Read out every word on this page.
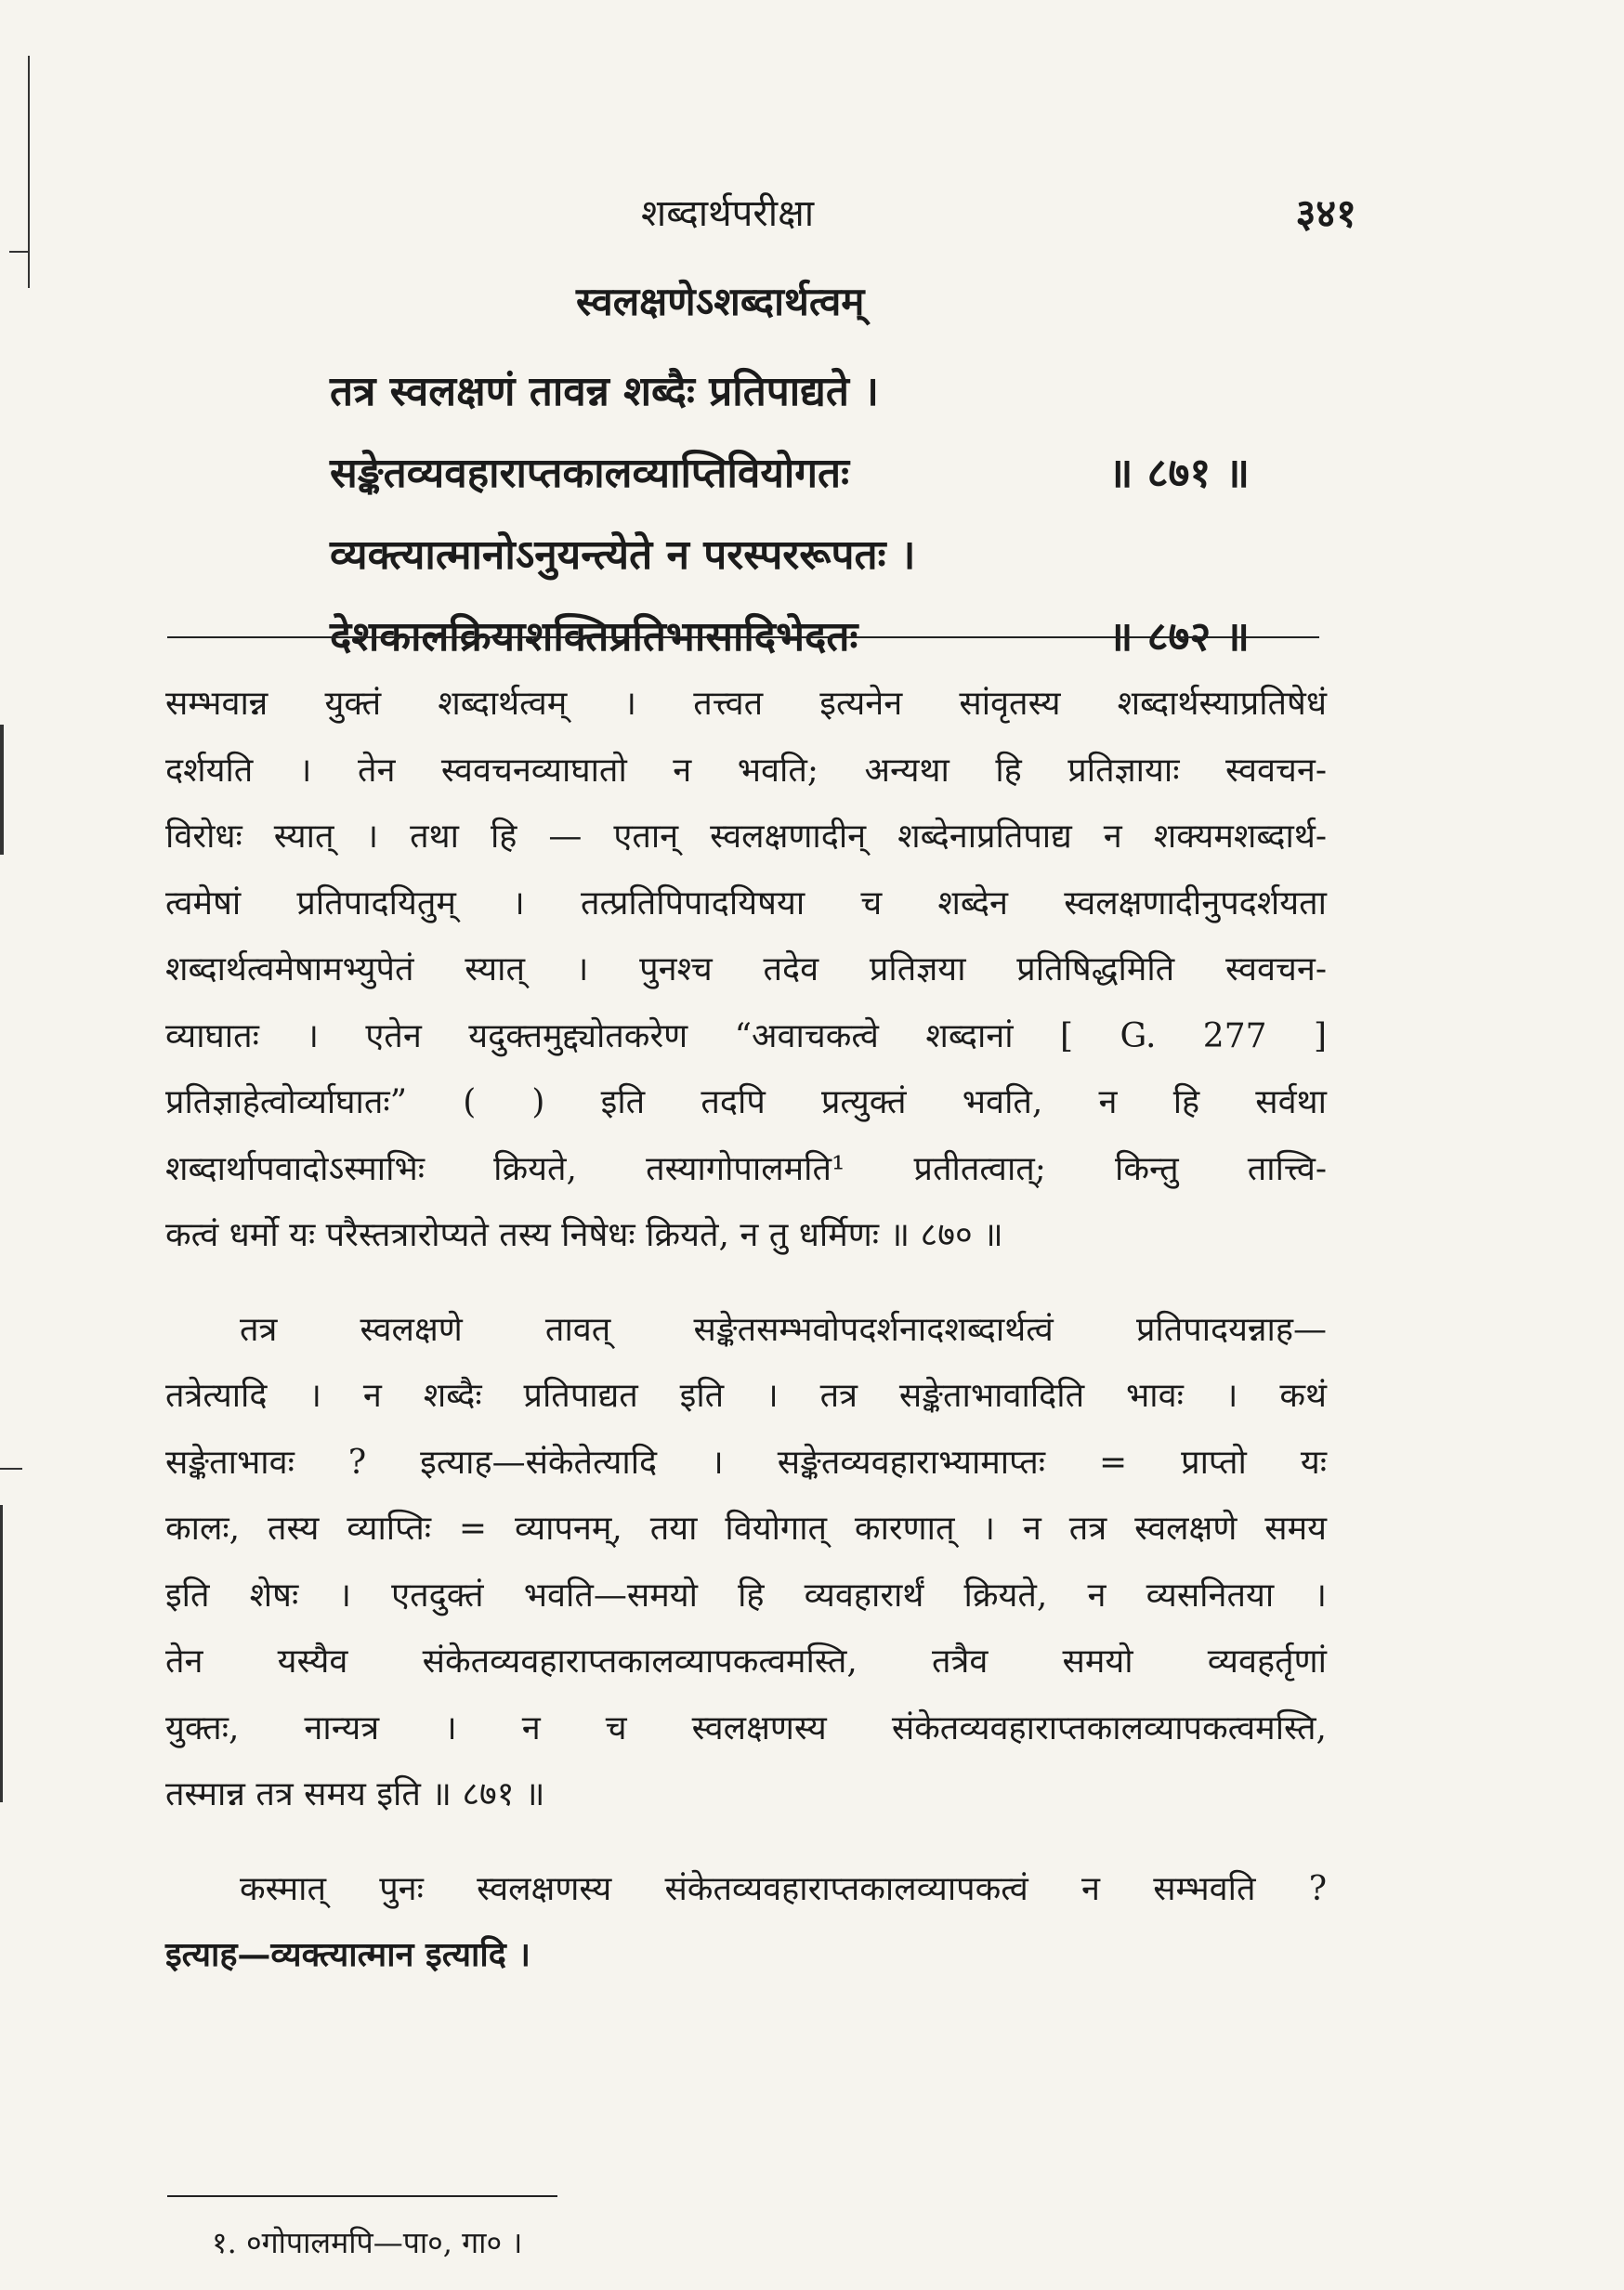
शब्दार्थपरीक्षा	३४१
स्वलक्षणेऽशब्दार्थत्वम्
तत्र स्वलक्षणं तावन्न शब्दैः प्रतिपाद्यते ।
सङ्केतव्यवहाराप्तकालव्याप्तिवियोगतः	॥ ८७१ ॥
व्यक्त्यात्मानोऽनुयन्त्येते न परस्पररूपतः ।
देशकालक्रियाशक्तिप्रतिभासादिभेदतः	॥ ८७२ ॥

सम्भवान्न युक्तं शब्दार्थत्वम् । तत्त्वत इत्यनेन सांवृतस्य शब्दार्थस्याप्रतिषेधं
दर्शयति । तेन स्ववचनव्याघातो न भवति; अन्यथा हि प्रतिज्ञायाः स्ववचन-
विरोधः स्यात् । तथा हि — एतान् स्वलक्षणादीन् शब्देनाप्रतिपाद्य न शक्यमशब्दार्थ-
त्वमेषां प्रतिपादयितुम् । तत्प्रतिपिपादयिषया च शब्देन स्वलक्षणादीनुपदर्शयता
शब्दार्थत्वमेषामभ्युपेतं स्यात् । पुनश्च तदेव प्रतिज्ञया प्रतिषिद्धमिति स्ववचन-
व्याघातः । एतेन यदुक्तमुद्द्योतकरेण “अवाचकत्वे शब्दानां [ G. 277 ]
प्रतिज्ञाहेत्वोर्व्याघातः” ( ) इति तदपि प्रत्युक्तं भवति, न हि सर्वथा
शब्दार्थापवादोऽस्माभिः क्रियते, तस्यागोपालमति¹ प्रतीतत्वात्; किन्तु तात्त्वि-
कत्वं धर्मो यः परैस्तत्रारोप्यते तस्य निषेधः क्रियते, न तु धर्मिणः ॥ ८७० ॥

तत्र स्वलक्षणे तावत् सङ्केतसम्भवोपदर्शनादशब्दार्थत्वं प्रतिपादयन्नाह—
तत्रेत्यादि । न शब्दैः प्रतिपाद्यत इति । तत्र सङ्केताभावादिति भावः । कथं
सङ्केताभावः ? इत्याह—संकेतेत्यादि । सङ्केतव्यवहाराभ्यामाप्तः = प्राप्तो यः
कालः, तस्य व्याप्तिः = व्यापनम्, तया वियोगात् कारणात् । न तत्र स्वलक्षणे समय
इति शेषः । एतदुक्तं भवति—समयो हि व्यवहारार्थं क्रियते, न व्यसनितया ।
तेन यस्यैव संकेतव्यवहाराप्तकालव्यापकत्वमस्ति, तत्रैव समयो व्यवहर्तृणां
युक्तः, नान्यत्र । न च स्वलक्षणस्य संकेतव्यवहाराप्तकालव्यापकत्वमस्ति,
तस्मान्न तत्र समय इति ॥ ८७१ ॥

कस्मात् पुनः स्वलक्षणस्य संकेतव्यवहाराप्तकालव्यापकत्वं न सम्भवति ?
इत्याह—व्यक्त्यात्मान इत्यादि ।

१. ०गोपालमपि—पा०, गा० ।
